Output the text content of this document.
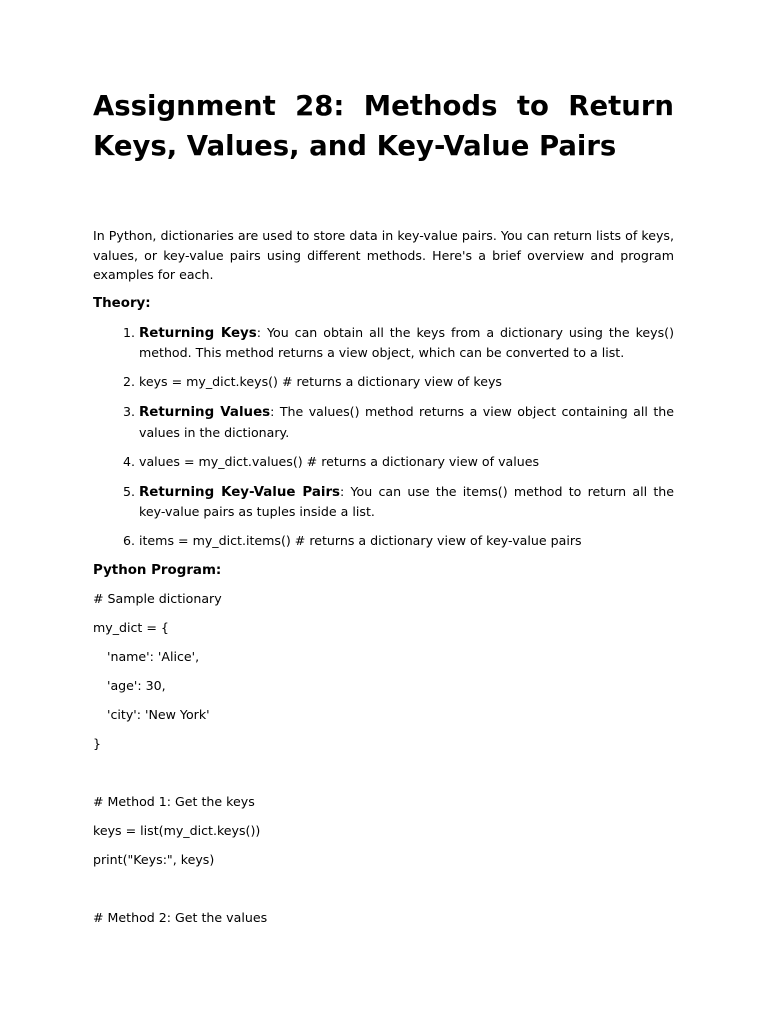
Assignment 28: Methods to Return Keys, Values, and Key-Value Pairs

In Python, dictionaries are used to store data in key-value pairs. You can return lists of keys, values, or key-value pairs using different methods. Here's a brief overview and program examples for each.

Theory:
1. Returning Keys: You can obtain all the keys from a dictionary using the keys() method. This method returns a view object, which can be converted to a list.
2. keys = my_dict.keys() # returns a dictionary view of keys
3. Returning Values: The values() method returns a view object containing all the values in the dictionary.
4. values = my_dict.values() # returns a dictionary view of values
5. Returning Key-Value Pairs: You can use the items() method to return all the key-value pairs as tuples inside a list.
6. items = my_dict.items() # returns a dictionary view of key-value pairs
Python Program:
# Sample dictionary
my_dict = {
'name': 'Alice',
'age': 30,
'city': 'New York'
}
# Method 1: Get the keys
keys = list(my_dict.keys())
print("Keys:", keys)
# Method 2: Get the values
